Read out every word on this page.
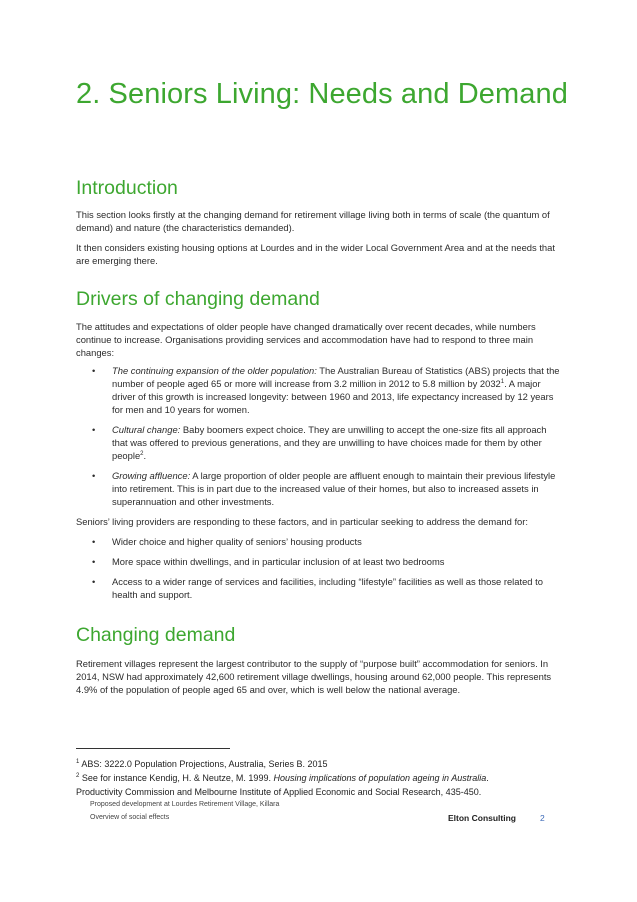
2. Seniors Living: Needs and Demand
Introduction

This section looks firstly at the changing demand for retirement village living both in terms of scale (the quantum of demand) and nature (the characteristics demanded).

It then considers existing housing options at Lourdes and in the wider Local Government Area and at the needs that are emerging there.

Drivers of changing demand

The attitudes and expectations of older people have changed dramatically over recent decades, while numbers continue to increase. Organisations providing services and accommodation have had to respond to three main changes:

• The continuing expansion of the older population: The Australian Bureau of Statistics (ABS) projects that the number of people aged 65 or more will increase from 3.2 million in 2012 to 5.8 million by 2032$^1$. A major driver of this growth is increased longevity: between 1960 and 2013, life expectancy increased by 12 years for men and 10 years for women.
• Cultural change: Baby boomers expect choice. They are unwilling to accept the one-size fits all approach that was offered to previous generations, and they are unwilling to have choices made for them by other people$^2$.
• Growing affluence: A large proportion of older people are affluent enough to maintain their previous lifestyle into retirement. This is in part due to the increased value of their homes, but also to increased assets in superannuation and other investments.

Seniors’ living providers are responding to these factors, and in particular seeking to address the demand for:

• Wider choice and higher quality of seniors’ housing products
• More space within dwellings, and in particular inclusion of at least two bedrooms
• Access to a wider range of services and facilities, including “lifestyle” facilities as well as those related to health and support.
Changing demand

Retirement villages represent the largest contributor to the supply of “purpose built” accommodation for seniors. In 2014, NSW had approximately 42,600 retirement village dwellings, housing around 62,000 people. This represents 4.9% of the population of people aged 65 and over, which is well below the national average.

$^1$ ABS: 3222.0 Population Projections, Australia, Series B. 2015
$^2$ See for instance Kendig, H. & Neutze, M. 1999. Housing implications of population ageing in Australia.
Productivity Commission and Melbourne Institute of Applied Economic and Social Research, 435-450.
Proposed development at Lourdes Retirement Village, Killara
Overview of social effects	Elton Consulting	2
